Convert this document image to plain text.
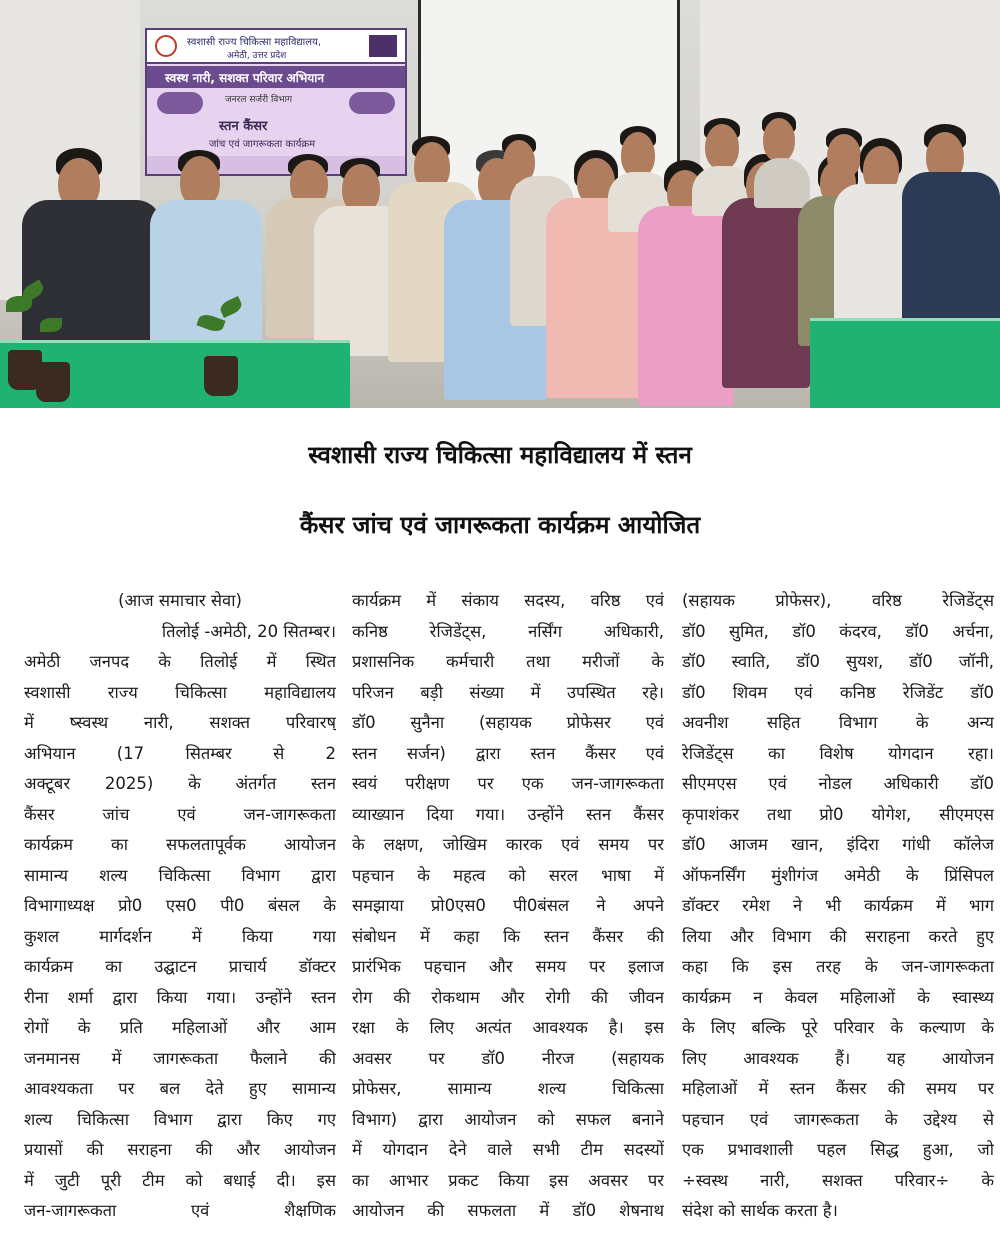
स्वशासी राज्य चिकित्सा महाविद्यालय,
अमेठी, उत्तर प्रदेश
स्वस्थ नारी, सशक्त परिवार अभियान
जनरल सर्जरी विभाग
स्तन कैंसर
जांच एवं जागरूकता कार्यक्रम
स्वशासी राज्य चिकित्सा महाविद्यालय में स्तन
कैंसर जांच एवं जागरूकता कार्यक्रम आयोजित
(आज समाचार सेवा)
तिलोई -अमेठी, 20 सितम्बर।
अमेठी जनपद के तिलोई में स्थित
स्वशासी राज्य चिकित्सा महाविद्यालय
में ष्स्वस्थ नारी, सशक्त परिवारष्
अभियान (17 सितम्बर से 2
अक्टूबर 2025) के अंतर्गत स्तन
कैंसर जांच एवं जन-जागरूकता
कार्यक्रम का सफलतापूर्वक आयोजन
सामान्य शल्य चिकित्सा विभाग द्वारा
विभागाध्यक्ष प्रो0 एस0 पी0 बंसल के
कुशल मार्गदर्शन में किया गया
कार्यक्रम का उद्घाटन प्राचार्य डॉक्टर
रीना शर्मा द्वारा किया गया। उन्होंने स्तन
रोगों के प्रति महिलाओं और आम
जनमानस में जागरूकता फैलाने की
आवश्यकता पर बल देते हुए सामान्य
शल्य चिकित्सा विभाग द्वारा किए गए
प्रयासों की सराहना की और आयोजन
में जुटी पूरी टीम को बधाई दी। इस
जन-जागरूकता एवं शैक्षणिक
कार्यक्रम में संकाय सदस्य, वरिष्ठ एवं
कनिष्ठ रेजिडेंट्स, नर्सिंग अधिकारी,
प्रशासनिक कर्मचारी तथा मरीजों के
परिजन बड़ी संख्या में उपस्थित रहे।
डॉ0 सुनैना (सहायक प्रोफेसर एवं
स्तन सर्जन) द्वारा स्तन कैंसर एवं
स्वयं परीक्षण पर एक जन-जागरूकता
व्याख्यान दिया गया। उन्होंने स्तन कैंसर
के लक्षण, जोखिम कारक एवं समय पर
पहचान के महत्व को सरल भाषा में
समझाया प्रो0एस0 पी0बंसल ने अपने
संबोधन में कहा कि स्तन कैंसर की
प्रारंभिक पहचान और समय पर इलाज
रोग की रोकथाम और रोगी की जीवन
रक्षा के लिए अत्यंत आवश्यक है। इस
अवसर पर डॉ0 नीरज (सहायक
प्रोफेसर, सामान्य शल्य चिकित्सा
विभाग) द्वारा आयोजन को सफल बनाने
में योगदान देने वाले सभी टीम सदस्यों
का आभार प्रकट किया इस अवसर पर
आयोजन की सफलता में डॉ0 शेषनाथ
(सहायक प्रोफेसर), वरिष्ठ रेजिडेंट्स
डॉ0 सुमित, डॉ0 कंदरव, डॉ0 अर्चना,
डॉ0 स्वाति, डॉ0 सुयश, डॉ0 जॉनी,
डॉ0 शिवम एवं कनिष्ठ रेजिडेंट डॉ0
अवनीश सहित विभाग के अन्य
रेजिडेंट्स का विशेष योगदान रहा।
सीएमएस एवं नोडल अधिकारी डॉ0
कृपाशंकर तथा प्रो0 योगेश, सीएमएस
डॉ0 आजम खान, इंदिरा गांधी कॉलेज
ऑफनर्सिंग मुंशीगंज अमेठी के प्रिंसिपल
डॉक्टर रमेश ने भी कार्यक्रम में भाग
लिया और विभाग की सराहना करते हुए
कहा कि इस तरह के जन-जागरूकता
कार्यक्रम न केवल महिलाओं के स्वास्थ्य
के लिए बल्कि पूरे परिवार के कल्याण के
लिए आवश्यक हैं। यह आयोजन
महिलाओं में स्तन कैंसर की समय पर
पहचान एवं जागरूकता के उद्देश्य से
एक प्रभावशाली पहल सिद्ध हुआ, जो
÷स्वस्थ नारी, सशक्त परिवार÷ के
संदेश को सार्थक करता है।
